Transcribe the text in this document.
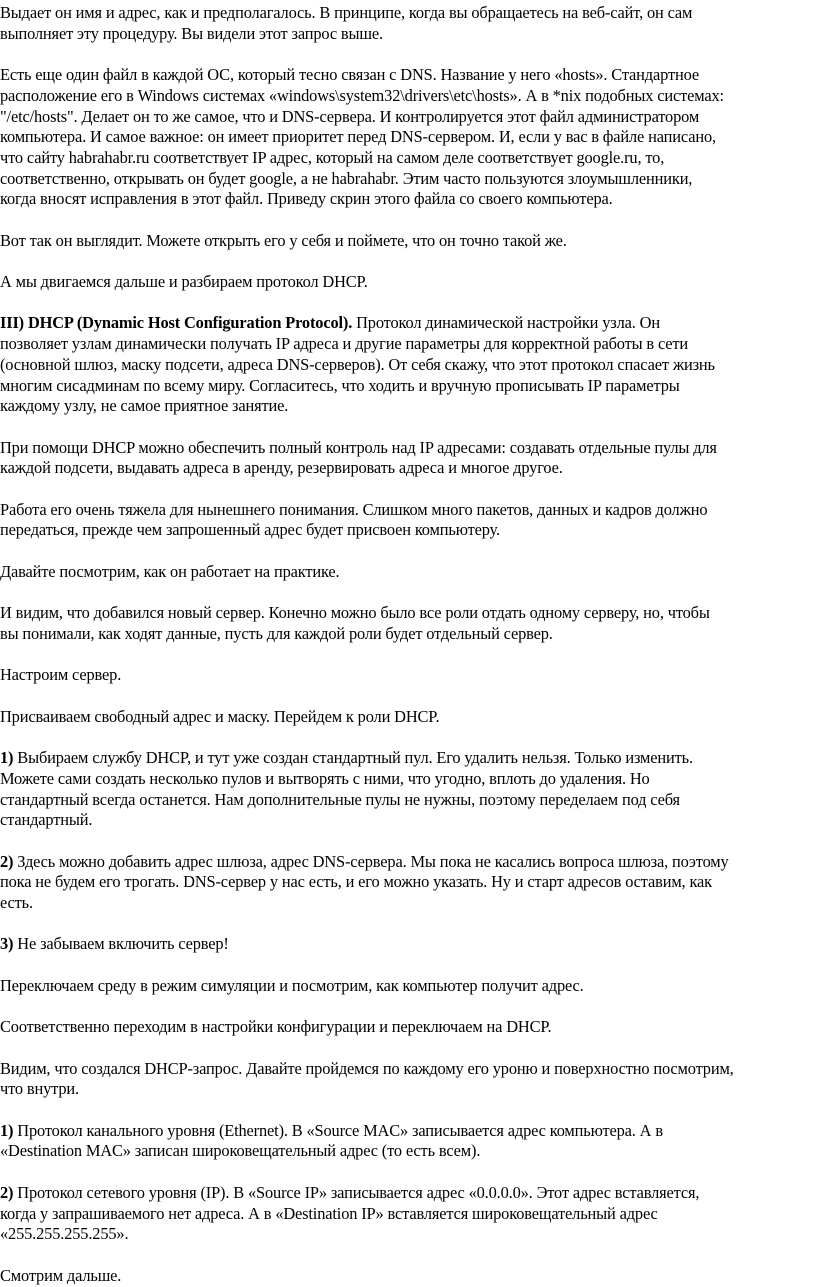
Выдает он имя и адрес, как и предполагалось. В принципе, когда вы обращаетесь на веб-сайт, он сам
выполняет эту процедуру. Вы видели этот запрос выше.

Есть еще один файл в каждой ОС, который тесно связан с DNS. Название у него «hosts». Стандартное
расположение его в Windows системах «windows\system32\drivers\etc\hosts». А в *nix подобных системах:
"/etc/hosts". Делает он то же самое, что и DNS-сервера. И контролируется этот файл администратором
компьютера. И самое важное: он имеет приоритет перед DNS-сервером. И, если у вас в файле написано,
что сайту habrahabr.ru соответствует IP адрес, который на самом деле соответствует google.ru, то,
соответственно, открывать он будет google, а не habrahabr. Этим часто пользуются злоумышленники,
когда вносят исправления в этот файл. Приведу скрин этого файла со своего компьютера.

Вот так он выглядит. Можете открыть его у себя и поймете, что он точно такой же.

А мы двигаемся дальше и разбираем протокол DHCP.

III) DHCP (Dynamic Host Configuration Protocol). Протокол динамической настройки узла. Он
позволяет узлам динамически получать IP адреса и другие параметры для корректной работы в сети
(основной шлюз, маску подсети, адреса DNS-серверов). От себя скажу, что этот протокол спасает жизнь
многим сисадминам по всему миру. Согласитесь, что ходить и вручную прописывать IP параметры
каждому узлу, не самое приятное занятие.

При помощи DHCP можно обеспечить полный контроль над IP адресами: создавать отдельные пулы для
каждой подсети, выдавать адреса в аренду, резервировать адреса и многое другое.

Работа его очень тяжела для нынешнего понимания. Слишком много пакетов, данных и кадров должно
передаться, прежде чем запрошенный адрес будет присвоен компьютеру.

Давайте посмотрим, как он работает на практике.

И видим, что добавился новый сервер. Конечно можно было все роли отдать одному серверу, но, чтобы
вы понимали, как ходят данные, пусть для каждой роли будет отдельный сервер.

Настроим сервер.

Присваиваем свободный адрес и маску. Перейдем к роли DHCP.

1) Выбираем службу DHCP, и тут уже создан стандартный пул. Его удалить нельзя. Только изменить.
Можете сами создать несколько пулов и вытворять с ними, что угодно, вплоть до удаления. Но
стандартный всегда останется. Нам дополнительные пулы не нужны, поэтому переделаем под себя
стандартный.

2) Здесь можно добавить адрес шлюза, адрес DNS-сервера. Мы пока не касались вопроса шлюза, поэтому
пока не будем его трогать. DNS-сервер у нас есть, и его можно указать. Ну и старт адресов оставим, как
есть.

3) Не забываем включить сервер!

Переключаем среду в режим симуляции и посмотрим, как компьютер получит адрес.

Соответственно переходим в настройки конфигурации и переключаем на DHCP.

Видим, что создался DHCP-запрос. Давайте пройдемся по каждому его уроню и поверхностно посмотрим,
что внутри.

1) Протокол канального уровня (Ethernet). В «Source MAC» записывается адрес компьютера. А в
«Destination MAC» записан широковещательный адрес (то есть всем).

2) Протокол сетевого уровня (IP). В «Source IP» записывается адрес «0.0.0.0». Этот адрес вставляется,
когда у запрашиваемого нет адреса. А в «Destination IP» вставляется широковещательный адрес
«255.255.255.255».

Смотрим дальше.
